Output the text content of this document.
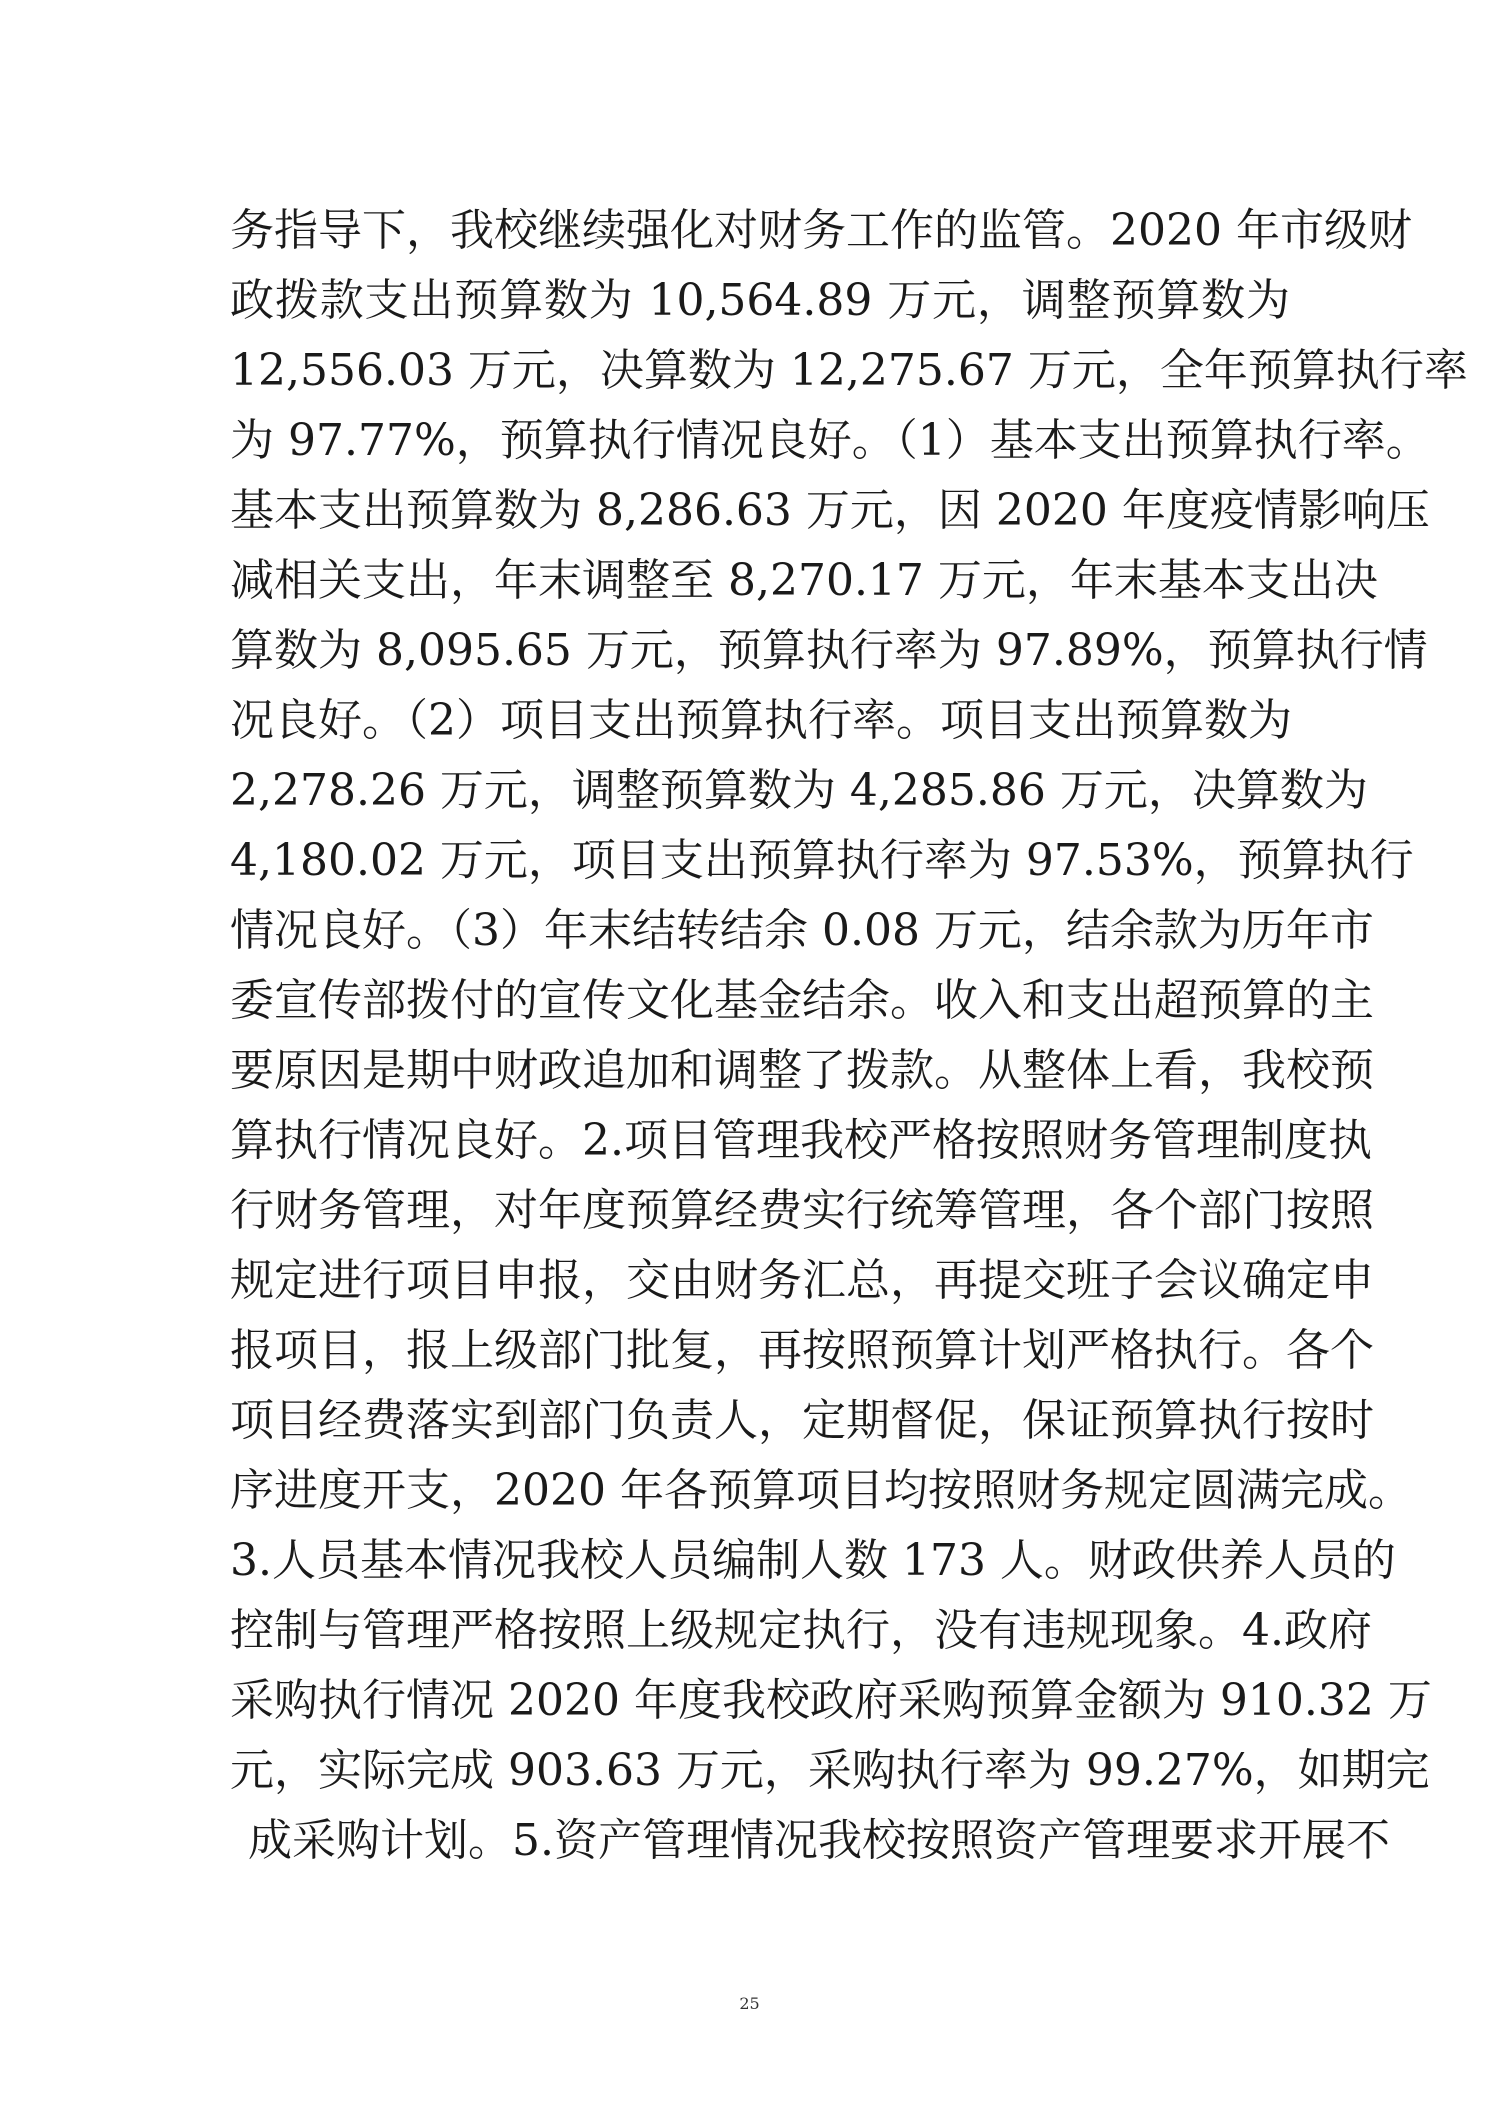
务指导下，我校继续强化对财务工作的监管。2020 年市级财
政拨款支出预算数为 10,564.89 万元，调整预算数为
12,556.03 万元，决算数为 12,275.67 万元，全年预算执行率
为 97.77%，预算执行情况良好。（1）基本支出预算执行率。
基本支出预算数为 8,286.63 万元，因 2020 年度疫情影响压
减相关支出，年末调整至 8,270.17 万元，年末基本支出决
算数为 8,095.65 万元，预算执行率为 97.89%，预算执行情
况良好。（2）项目支出预算执行率。项目支出预算数为
2,278.26 万元，调整预算数为 4,285.86 万元，决算数为
4,180.02 万元，项目支出预算执行率为 97.53%，预算执行
情况良好。（3）年末结转结余 0.08 万元，结余款为历年市
委宣传部拨付的宣传文化基金结余。收入和支出超预算的主
要原因是期中财政追加和调整了拨款。从整体上看，我校预
算执行情况良好。2.项目管理我校严格按照财务管理制度执
行财务管理，对年度预算经费实行统筹管理，各个部门按照
规定进行项目申报，交由财务汇总，再提交班子会议确定申
报项目，报上级部门批复，再按照预算计划严格执行。各个
项目经费落实到部门负责人，定期督促，保证预算执行按时
序进度开支，2020 年各预算项目均按照财务规定圆满完成。
3.人员基本情况我校人员编制人数 173 人。财政供养人员的
控制与管理严格按照上级规定执行，没有违规现象。4.政府
采购执行情况 2020 年度我校政府采购预算金额为 910.32 万
元，实际完成 903.63 万元，采购执行率为 99.27%，如期完
成采购计划。5.资产管理情况我校按照资产管理要求开展不
25
